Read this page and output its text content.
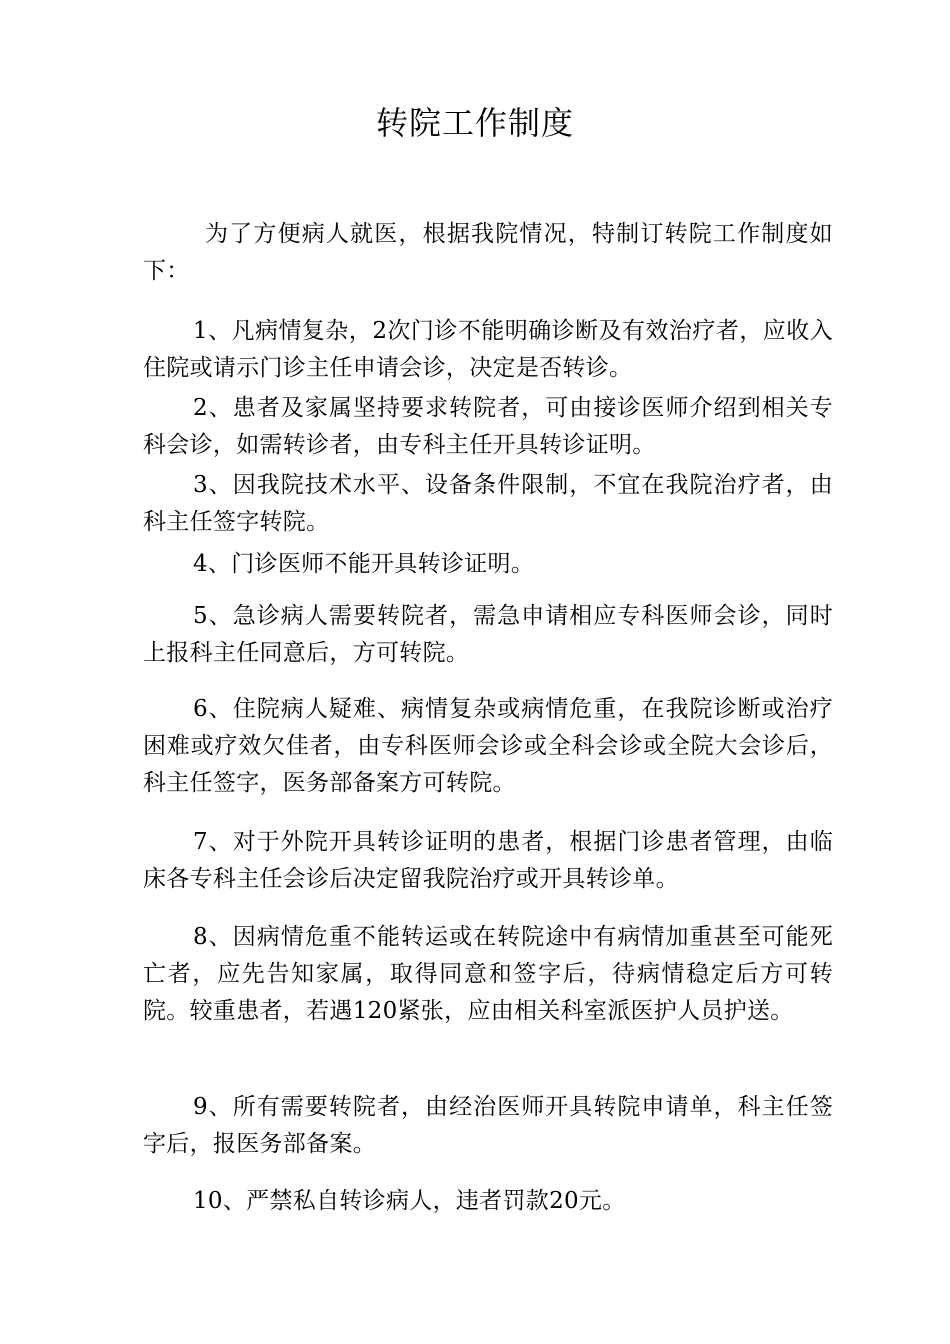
转院工作制度

为了方便病人就医，根据我院情况，特制订转院工作制度如下：

1、凡病情复杂，2次门诊不能明确诊断及有效治疗者，应收入住院或请示门诊主任申请会诊，决定是否转诊。

2、患者及家属坚持要求转院者，可由接诊医师介绍到相关专科会诊，如需转诊者，由专科主任开具转诊证明。

3、因我院技术水平、设备条件限制，不宜在我院治疗者，由科主任签字转院。

4、门诊医师不能开具转诊证明。

5、急诊病人需要转院者，需急申请相应专科医师会诊，同时上报科主任同意后，方可转院。

6、住院病人疑难、病情复杂或病情危重，在我院诊断或治疗困难或疗效欠佳者，由专科医师会诊或全科会诊或全院大会诊后，科主任签字，医务部备案方可转院。

7、对于外院开具转诊证明的患者，根据门诊患者管理，由临床各专科主任会诊后决定留我院治疗或开具转诊单。

8、因病情危重不能转运或在转院途中有病情加重甚至可能死亡者，应先告知家属，取得同意和签字后，待病情稳定后方可转院。较重患者，若遇120紧张，应由相关科室派医护人员护送。

9、所有需要转院者，由经治医师开具转院申请单，科主任签字后，报医务部备案。

10、严禁私自转诊病人，违者罚款20元。
